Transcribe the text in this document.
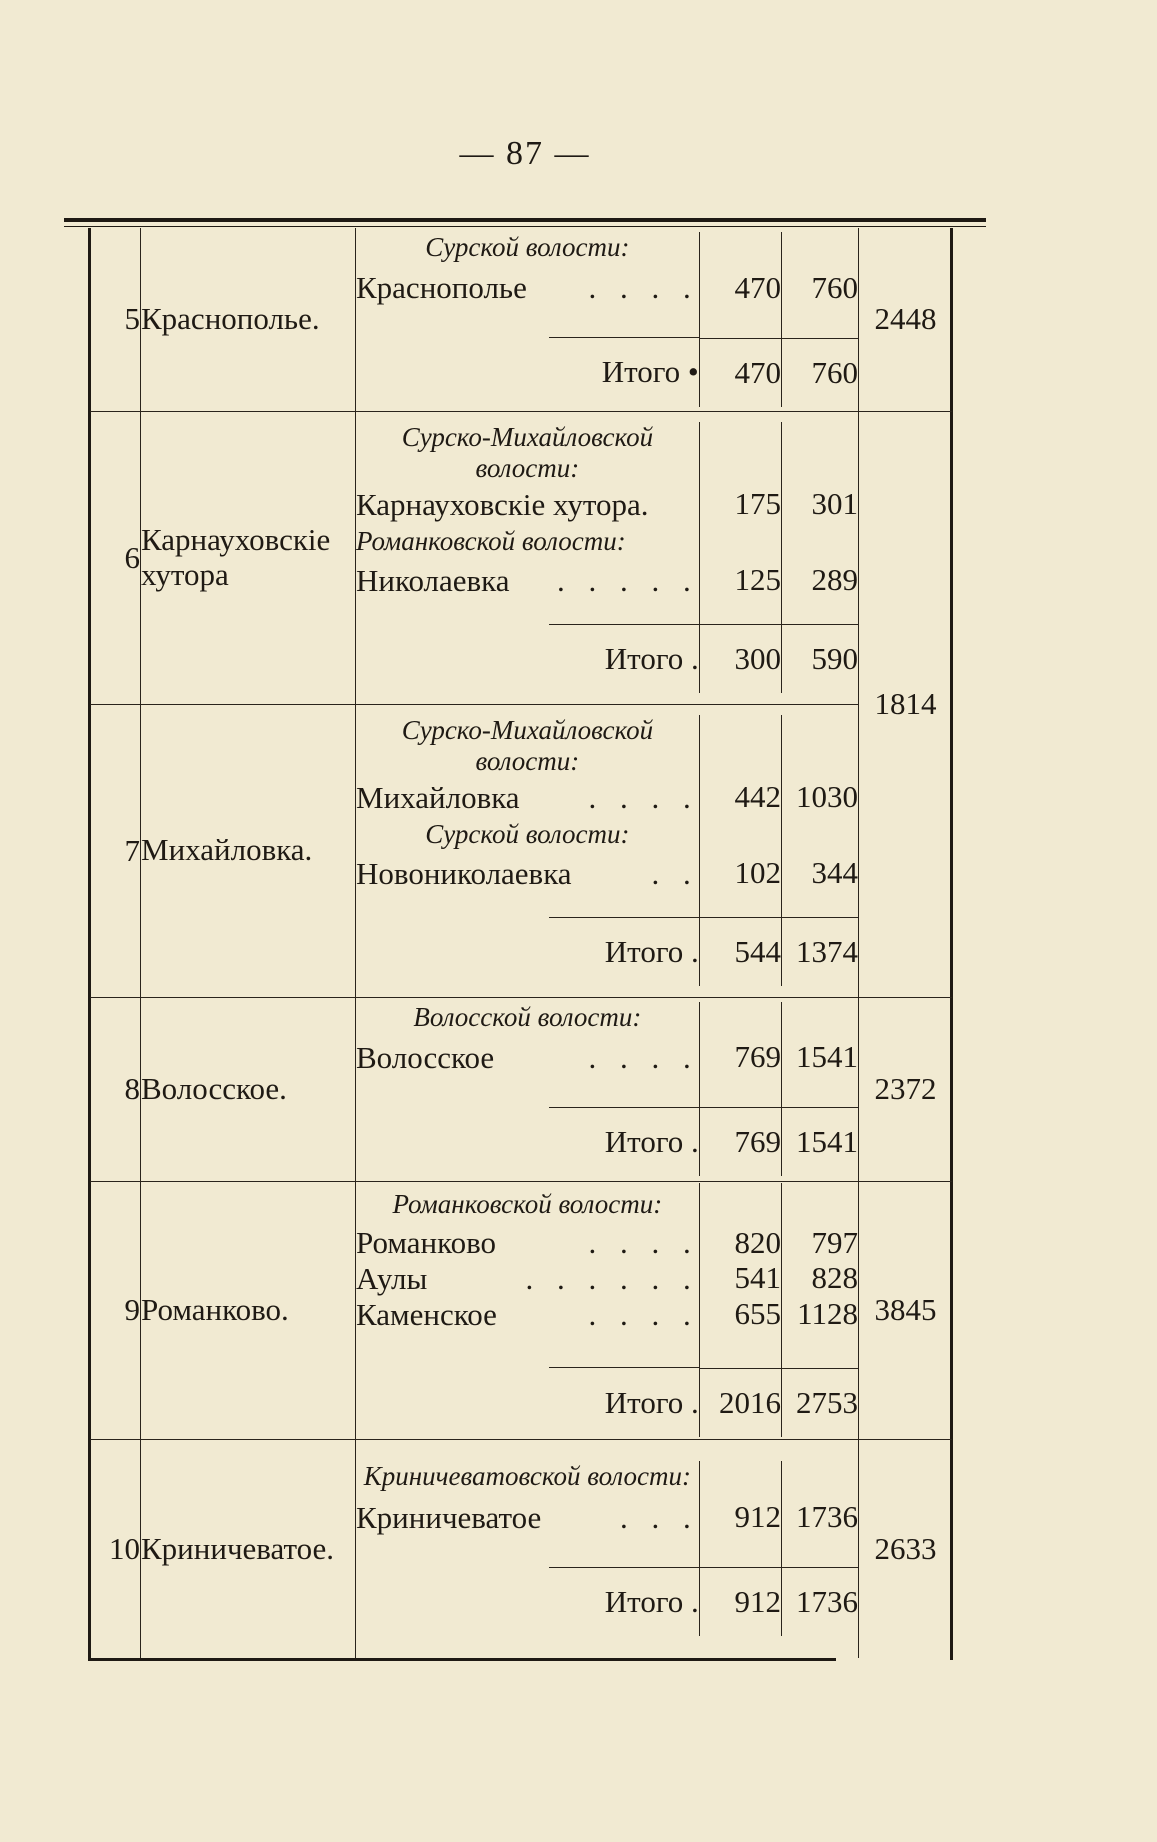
— 87 —
5	Краснополье.	
Сурской волости:		

Краснополье . . . .	470	760

Итого •	470	760
	2448
6	Карнауховскіе хутора	
Сурско-Михайловской волости:		

Карнауховскіе хутора.	175	301
Романковской волости:		

Николаевка . . . . .	125	289

Итого .	300	590
	1814
7	Михайловка.	
Сурско-Михайловской волости:		

Михайловка . . . .	442	1030
Сурской волости:		

Новониколаевка	. .	102	344

Итого .	544	1374

8	Волосское.	
Волосской волости:		

Волосское	. . . .	769	1541

Итого .	769	1541
	2372
9	Романково.	
Романковской волости:		

Романково	. . . .	820	797

Аулы	. . . . . .	541	828

Каменское	. . . .	655	1128

Итого .	2016	2753
	3845
10	Криничеватое.	
Криничеватовской волости:		

Криничеватое	. . .	912	1736

Итого .	912	1736
	2633
